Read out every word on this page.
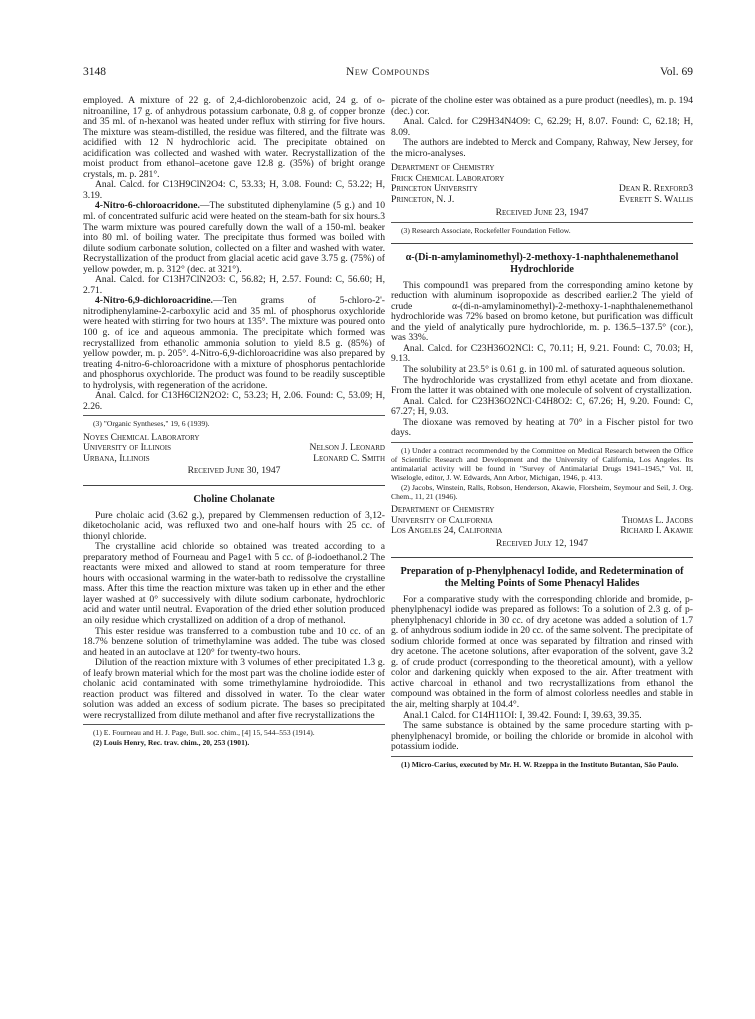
3148	New Compounds	Vol. 69

employed. A mixture of 22 g. of 2,4-dichlorobenzoic acid, 24 g. of o-nitroaniline, 17 g. of anhydrous potassium carbonate, 0.8 g. of copper bronze and 35 ml. of n-hexanol was heated under reflux with stirring for five hours. The mixture was steam-distilled, the residue was filtered, and the filtrate was acidified with 12 N hydrochloric acid. The precipitate obtained on acidification was collected and washed with water. Recrystallization of the moist product from ethanol–acetone gave 12.8 g. (35%) of bright orange crystals, m. p. 281°.

Anal. Calcd. for C13H9ClN2O4: C, 53.33; H, 3.08. Found: C, 53.22; H, 3.19.

4-Nitro-6-chloroacridone.—The substituted diphenylamine (5 g.) and 10 ml. of concentrated sulfuric acid were heated on the steam-bath for six hours.3 The warm mixture was poured carefully down the wall of a 150-ml. beaker into 80 ml. of boiling water. The precipitate thus formed was boiled with dilute sodium carbonate solution, collected on a filter and washed with water. Recrystallization of the product from glacial acetic acid gave 3.75 g. (75%) of yellow powder, m. p. 312° (dec. at 321°).

Anal. Calcd. for C13H7ClN2O3: C, 56.82; H, 2.57. Found: C, 56.60; H, 2.71.

4-Nitro-6,9-dichloroacridine.—Ten grams of 5-chloro-2'-nitrodiphenylamine-2-carboxylic acid and 35 ml. of phosphorus oxychloride were heated with stirring for two hours at 135°. The mixture was poured onto 100 g. of ice and aqueous ammonia. The precipitate which formed was recrystallized from ethanolic ammonia solution to yield 8.5 g. (85%) of yellow powder, m. p. 205°. 4-Nitro-6,9-dichloroacridine was also prepared by treating 4-nitro-6-chloroacridone with a mixture of phosphorus pentachloride and phosphorus oxychloride. The product was found to be readily susceptible to hydrolysis, with regeneration of the acridone.

Anal. Calcd. for C13H6Cl2N2O2: C, 53.23; H, 2.06. Found: C, 53.09; H, 2.26.

(3) "Organic Syntheses," 19, 6 (1939).

Noyes Chemical Laboratory
University of Illinois	Nelson J. Leonard
Urbana, Illinois	Leonard C. Smith
Received June 30, 1947
Choline Cholanate

Pure cholaic acid (3.62 g.), prepared by Clemmensen reduction of 3,12-diketocholanic acid, was refluxed two and one-half hours with 25 cc. of thionyl chloride.

The crystalline acid chloride so obtained was treated according to a preparatory method of Fourneau and Page1 with 5 cc. of β-iodoethanol.2 The reactants were mixed and allowed to stand at room temperature for three hours with occasional warming in the water-bath to redissolve the crystalline mass. After this time the reaction mixture was taken up in ether and the ether layer washed at 0° successively with dilute sodium carbonate, hydrochloric acid and water until neutral. Evaporation of the dried ether solution produced an oily residue which crystallized on addition of a drop of methanol.

This ester residue was transferred to a combustion tube and 10 cc. of an 18.7% benzene solution of trimethylamine was added. The tube was closed and heated in an autoclave at 120° for twenty-two hours.

Dilution of the reaction mixture with 3 volumes of ether precipitated 1.3 g. of leafy brown material which for the most part was the choline iodide ester of cholanic acid contaminated with some trimethylamine hydroiodide. This reaction product was filtered and dissolved in water. To the clear water solution was added an excess of sodium picrate. The bases so precipitated were recrystallized from dilute methanol and after five recrystallizations the

(1) E. Fourneau and H. J. Page, Bull. soc. chim., [4] 15, 544–553 (1914).

(2) Louis Henry, Rec. trav. chim., 20, 253 (1901).

picrate of the choline ester was obtained as a pure product (needles), m. p. 194 (dec.) cor.

Anal. Calcd. for C29H34N4O9: C, 62.29; H, 8.07. Found: C, 62.18; H, 8.09.

The authors are indebted to Merck and Company, Rahway, New Jersey, for the micro-analyses.

Department of Chemistry
Frick Chemical Laboratory
Princeton University	Dean R. Rexford3
Princeton, N. J.	Everett S. Wallis
Received June 23, 1947

(3) Research Associate, Rockefeller Foundation Fellow.

α-(Di-n-amylaminomethyl)-2-methoxy-1-naphthalenemethanol Hydrochloride

This compound1 was prepared from the corresponding amino ketone by reduction with aluminum isopropoxide as described earlier.2 The yield of crude α-(di-n-amylaminomethyl)-2-methoxy-1-naphthalenemethanol hydrochloride was 72% based on bromo ketone, but purification was difficult and the yield of analytically pure hydrochloride, m. p. 136.5–137.5° (cor.), was 33%.

Anal. Calcd. for C23H36O2NCl: C, 70.11; H, 9.21. Found: C, 70.03; H, 9.13.

The solubility at 23.5° is 0.61 g. in 100 ml. of saturated aqueous solution.

The hydrochloride was crystallized from ethyl acetate and from dioxane. From the latter it was obtained with one molecule of solvent of crystallization.

Anal. Calcd. for C23H36O2NCl·C4H8O2: C, 67.26; H, 9.20. Found: C, 67.27; H, 9.03.

The dioxane was removed by heating at 70° in a Fischer pistol for two days.

(1) Under a contract recommended by the Committee on Medical Research between the Office of Scientific Research and Development and the University of California, Los Angeles. Its antimalarial activity will be found in "Survey of Antimalarial Drugs 1941–1945," Vol. II, Wiselogle, editor, J. W. Edwards, Ann Arbor, Michigan, 1946, p. 413.

(2) Jacobs, Winstein, Ralls, Robson, Henderson, Akawie, Florsheim, Seymour and Seil, J. Org. Chem., 11, 21 (1946).

Department of Chemistry
University of California	Thomas L. Jacobs
Los Angeles 24, California	Richard I. Akawie
Received July 12, 1947
Preparation of p-Phenylphenacyl Iodide, and Redetermination of the Melting Points of Some Phenacyl Halides

For a comparative study with the corresponding chloride and bromide, p-phenylphenacyl iodide was prepared as follows: To a solution of 2.3 g. of p-phenylphenacyl chloride in 30 cc. of dry acetone was added a solution of 1.7 g. of anhydrous sodium iodide in 20 cc. of the same solvent. The precipitate of sodium chloride formed at once was separated by filtration and rinsed with dry acetone. The acetone solutions, after evaporation of the solvent, gave 3.2 g. of crude product (corresponding to the theoretical amount), with a yellow color and darkening quickly when exposed to the air. After treatment with active charcoal in ethanol and two recrystallizations from ethanol the compound was obtained in the form of almost colorless needles and stable in the air, melting sharply at 104.4°.

Anal.1 Calcd. for C14H11OI: I, 39.42. Found: I, 39.63, 39.35.

The same substance is obtained by the same procedure starting with p-phenylphenacyl bromide, or boiling the chloride or bromide in alcohol with potassium iodide.

(1) Micro-Carius, executed by Mr. H. W. Rzeppa in the Instituto Butantan, São Paulo.
